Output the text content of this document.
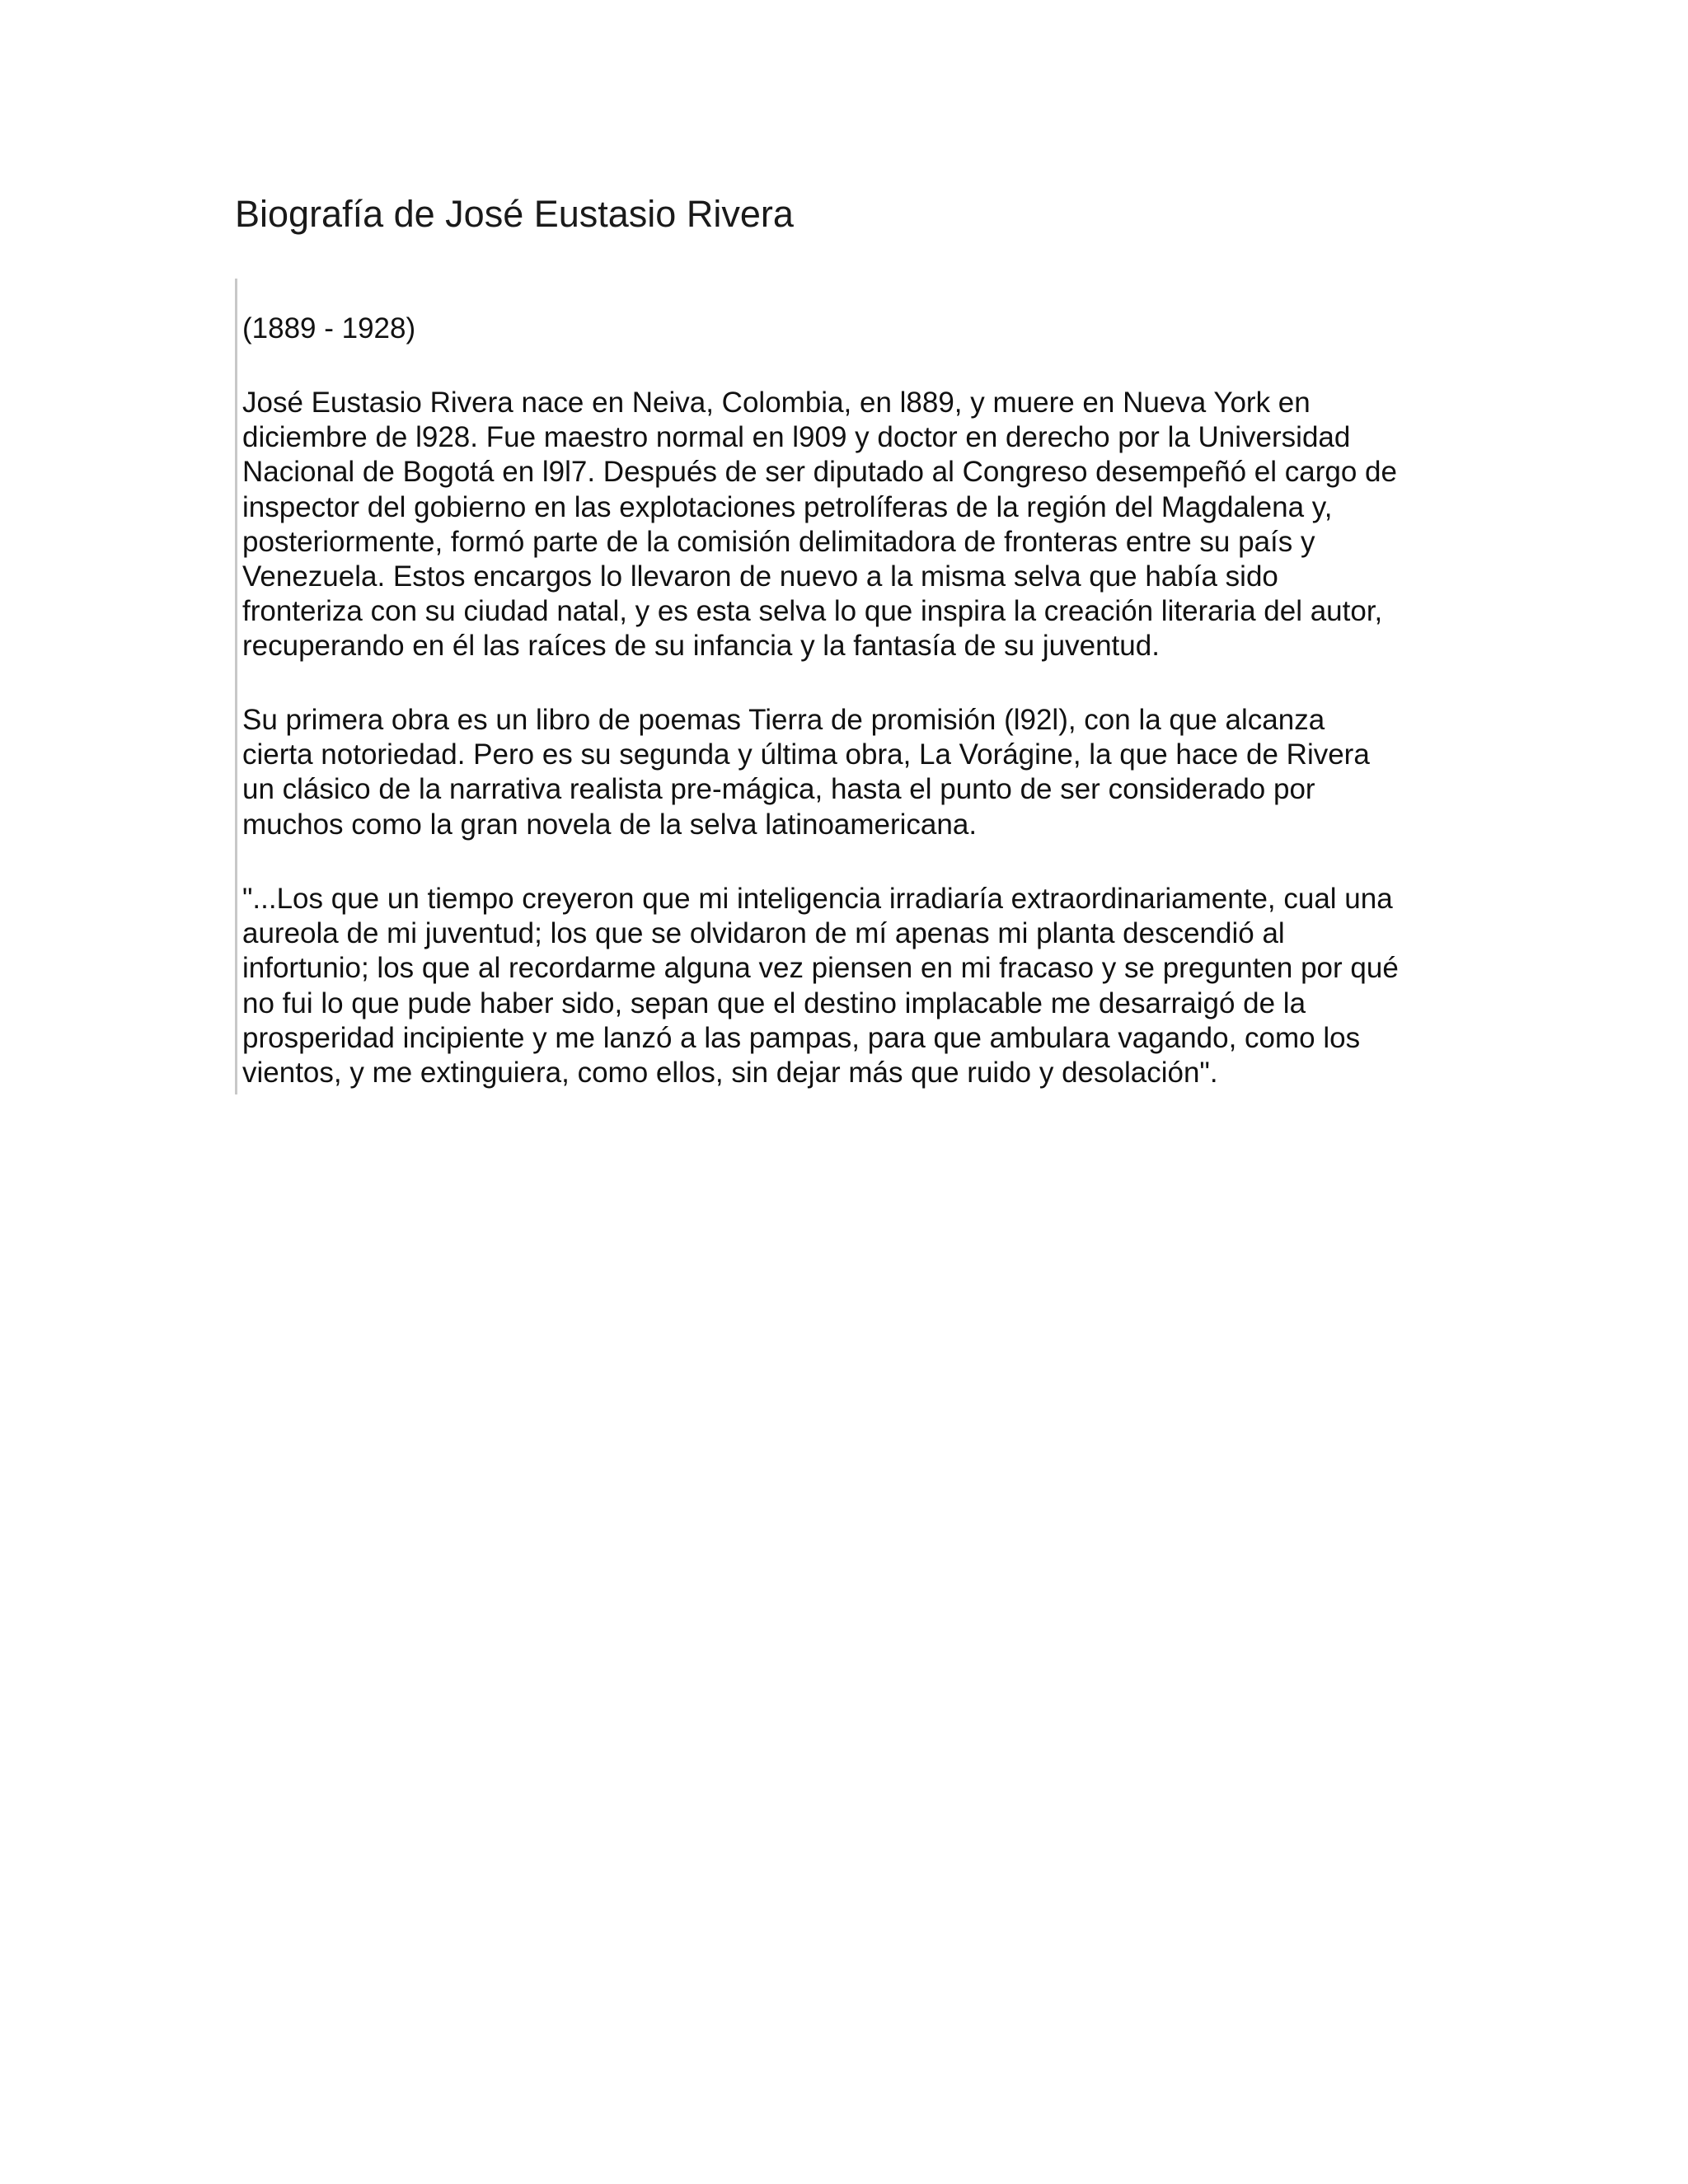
Biografía de José Eustasio Rivera

(1889 - 1928)

José Eustasio Rivera nace en Neiva, Colombia, en l889, y muere en Nueva York en
diciembre de l928. Fue maestro normal en l909 y doctor en derecho por la Universidad
Nacional de Bogotá en l9l7. Después de ser diputado al Congreso desempeñó el cargo de
inspector del gobierno en las explotaciones petrolíferas de la región del Magdalena y,
posteriormente, formó parte de la comisión delimitadora de fronteras entre su país y
Venezuela. Estos encargos lo llevaron de nuevo a la misma selva que había sido
fronteriza con su ciudad natal, y es esta selva lo que inspira la creación literaria del autor,
recuperando en él las raíces de su infancia y la fantasía de su juventud.

Su primera obra es un libro de poemas Tierra de promisión (l92l), con la que alcanza
cierta notoriedad. Pero es su segunda y última obra, La Vorágine, la que hace de Rivera
un clásico de la narrativa realista pre-mágica, hasta el punto de ser considerado por
muchos como la gran novela de la selva latinoamericana.

"...Los que un tiempo creyeron que mi inteligencia irradiaría extraordinariamente, cual una
aureola de mi juventud; los que se olvidaron de mí apenas mi planta descendió al
infortunio; los que al recordarme alguna vez piensen en mi fracaso y se pregunten por qué
no fui lo que pude haber sido, sepan que el destino implacable me desarraigó de la
prosperidad incipiente y me lanzó a las pampas, para que ambulara vagando, como los
vientos, y me extinguiera, como ellos, sin dejar más que ruido y desolación".
